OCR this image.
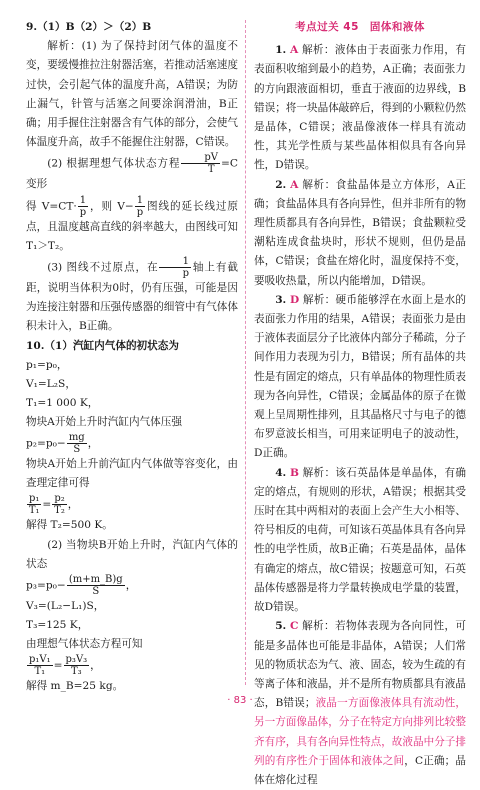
9.（1）B（2）＞（2）B

解析：(1) 为了保持封闭气体的温度不变，要缓慢推拉注射器活塞，若推动活塞速度过快，会引起气体的温度升高，A错误；为防止漏气，针管与活塞之间要涂润滑油，B正确；用手握住注射器含有气体的部分，会使气体温度升高，故手不能握住注射器，C错误。

(2) 根据理想气体状态方程 $\frac{pV}{T} =C$ 变形

得 $V=CT\cdot \frac{1}{p}$ ，则 $V- \frac{1}{p}$ 图线的延长线过原点，且温度越高直线的斜率越大，由图线可知 T₁＞T₂。

(3) 图线不过原点，在 $\frac{1}{p}$ 轴上有截距，说明当体积为0时，仍有压强，可能是因为连接注射器和压强传感器的细管中有气体体积未计入，B正确。

10.（1）汽缸内气体的初状态为

p₁=p₀，

V₁=L₂S，

T₁=1 000 K，

物块A开始上升时汽缸内气体压强

$p_2=p_0- \frac{mg}{S}$ ，

物块A开始上升前汽缸内气体做等容变化，由查理定律可得

$\frac{\text{p₁}}{\text{T₁}} = \frac{\text{p₂}}{\text{T₂}}$ ，

解得 T₂=500 K。

(2) 当物块B开始上升时，汽缸内气体的状态

$p_3=p_0- \frac{(m+m\_B)g}{S}$ ，

V₃=(L₂−L₁)S，

T₃=125 K，

由理想气体状态方程可知

$\frac{\text{p₁V₁}}{\text{T₁}} = \frac{\text{p₃V₃}}{\text{T₃}}$ ，

解得 m_B=25 kg。

考点过关 45　固体和液体

1. A 解析：液体由于表面张力作用，有表面积收缩到最小的趋势，A正确；表面张力的方向跟液面相切，垂直于液面的边界线，B错误；将一块晶体敲碎后，得到的小颗粒仍然是晶体，C错误；液晶像液体一样具有流动性，其光学性质与某些晶体相似具有各向异性，D错误。

2. A 解析：食盐晶体是立方体形，A正确；食盐晶体具有各向异性，但并非所有的物理性质都具有各向异性，B错误；食盐颗粒受潮粘连成食盐块时，形状不规则，但仍是晶体，C错误；食盐在熔化时，温度保持不变，要吸收热量，所以内能增加，D错误。

3. D 解析：硬币能够浮在水面上是水的表面张力作用的结果，A错误；表面张力是由于液体表面层分子比液体内部分子稀疏，分子间作用力表现为引力，B错误；所有晶体的共性是有固定的熔点，只有单晶体的物理性质表现为各向异性，C错误；金属晶体的原子在微观上呈周期性排列，且其晶格尺寸与电子的德布罗意波长相当，可用来证明电子的波动性，D正确。

4. B 解析：该石英晶体是单晶体，有确定的熔点，有规则的形状，A错误；根据其受压时在其中两相对的表面上会产生大小相等、符号相反的电荷，可知该石英晶体具有各向异性的电学性质，故B正确；石英是晶体，晶体有确定的熔点，故C错误；按题意可知，石英晶体传感器是将力学量转换成电学量的装置，故D错误。

5. C 解析：若物体表现为各向同性，可能是多晶体也可能是非晶体，A错误；人们常见的物质状态为气、液、固态，较为生疏的有等离子体和液晶，并不是所有物质都具有液晶态，B错误；液晶一方面像液体具有流动性，另一方面像晶体，分子在特定方向排列比较整齐有序，具有各向异性特点，故液晶中分子排列的有序性介于固体和液体之间，C正确；晶体在熔化过程

· 83 ·
